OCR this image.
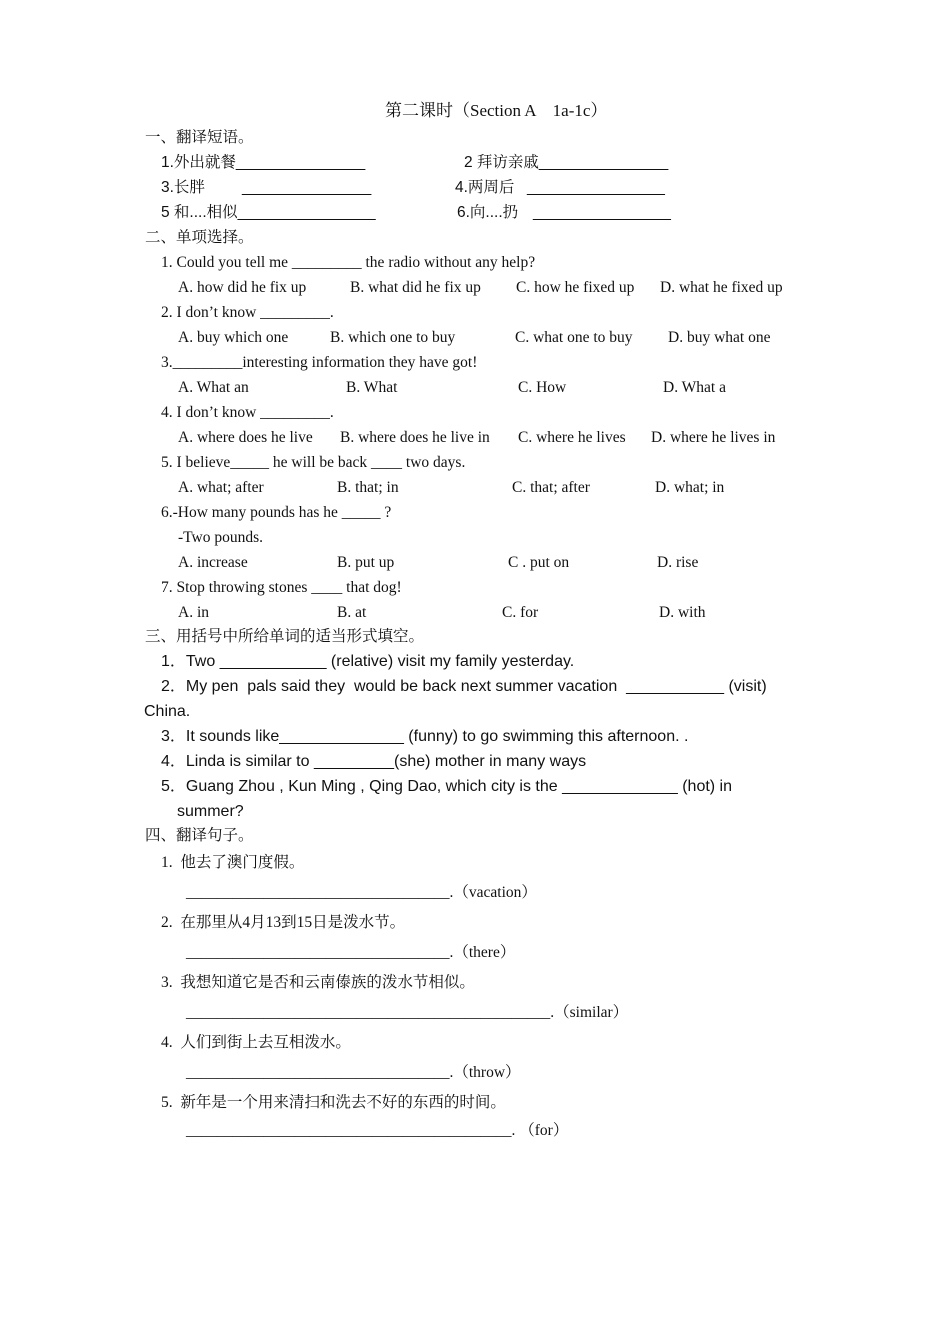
第二课时（Section A　1a-1c）
一、翻译短语。
1.外出就餐_______________	2 拜访亲戚_______________
3.长胖 _______________	4.两周后 ________________
5 和....相似________________	6.向....扔 ________________
二、单项选择。
1. Could you tell me _________ the radio without any help?
A. how did he fix up	B. what did he fix up C. how he fixed up D. what he fixed up
2. I don’t know _________.
A. buy which one	B. which one to buy	C. what one to buy D. buy what one
3._________interesting information they have got!
A. What an	B. What	C. How	D. What a
4. I don’t know _________.
A. where does he live B. where does he live in C. where he lives D. where he lives in
5. I believe_____ he will be back ____ two days.
A. what; after	B. that; in	C. that; after	D. what; in
6.-How many pounds has he _____ ?
-Two pounds.
A. increase	B. put up	C . put on	D. rise
7. Stop throwing stones ____ that dog!
A. in	B. at	C. for	D. with
三、用括号中所给单词的适当形式填空。
1．Two ____________ (relative) visit my family yesterday.
2．My pen  pals said they  would be back next summer vacation  ___________ (visit)
China.
3．It sounds like______________ (funny) to go swimming this afternoon. .
4．Linda is similar to _________(she) mother in many ways
5．Guang Zhou , Kun Ming , Qing Dao, which city is the _____________ (hot) in
summer?
四、翻译句子。
1.  他去了澳门度假。
__________________________________.（vacation）
2.  在那里从4月13到15日是泼水节。
__________________________________.（there）
3.  我想知道它是否和云南傣族的泼水节相似。
_______________________________________________.（similar）
4.  人们到街上去互相泼水。
__________________________________.（throw）
5.  新年是一个用来清扫和洗去不好的东西的时间。
__________________________________________. （for）
